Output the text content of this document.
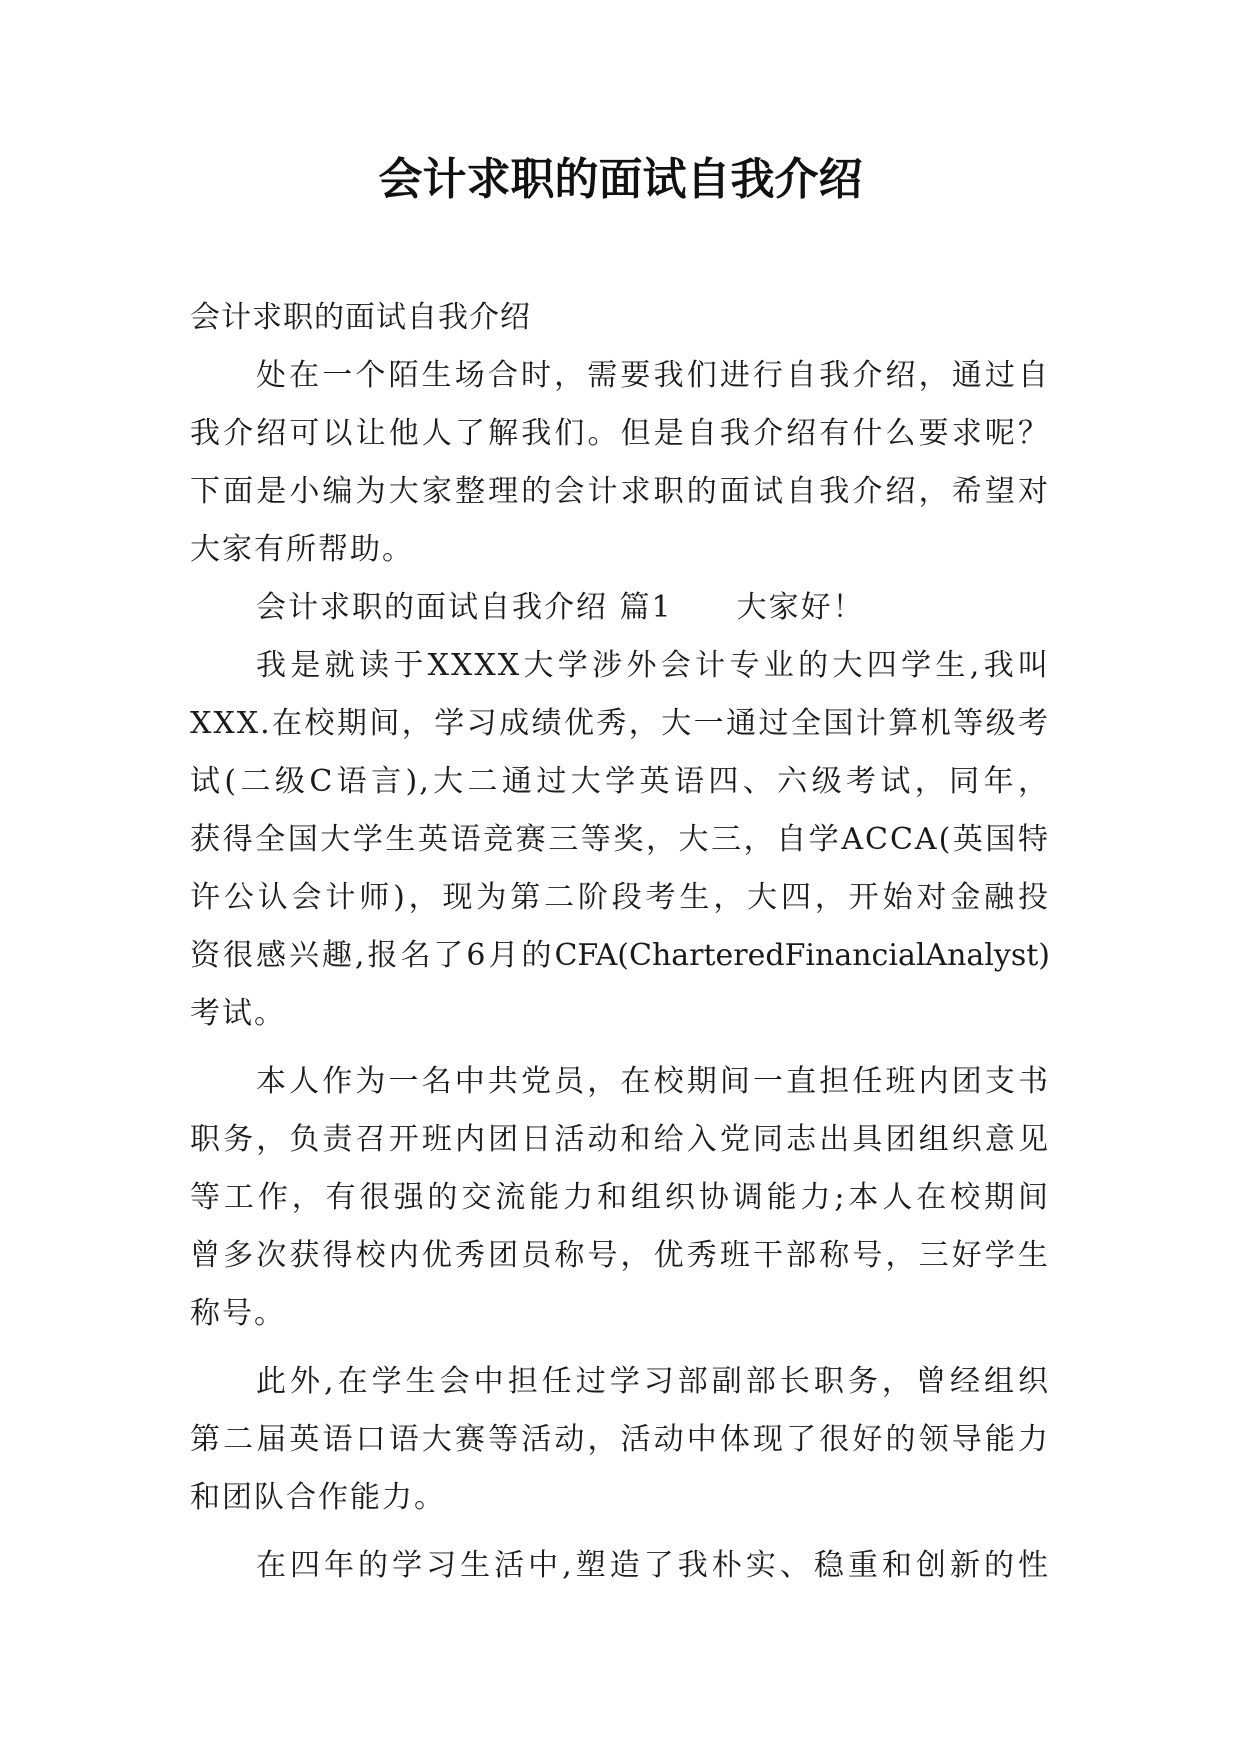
会计求职的面试自我介绍
会计求职的面试自我介绍
处在一个陌生场合时，需要我们进行自我介绍，通过自
我介绍可以让他人了解我们。但是自我介绍有什么要求呢？
下面是小编为大家整理的会计求职的面试自我介绍，希望对
大家有所帮助。
会计求职的面试自我介绍 篇1　　大家好！
我是就读于XXXX大学涉外会计专业的大四学生,我叫
XXX.在校期间，学习成绩优秀，大一通过全国计算机等级考
试(二级C语言),大二通过大学英语四、六级考试，同年，
获得全国大学生英语竞赛三等奖，大三，自学ACCA(英国特
许公认会计师)，现为第二阶段考生，大四，开始对金融投
资很感兴趣,报名了6月的CFA(CharteredFinancialAnalyst)
考试。
本人作为一名中共党员，在校期间一直担任班内团支书
职务，负责召开班内团日活动和给入党同志出具团组织意见
等工作，有很强的交流能力和组织协调能力;本人在校期间
曾多次获得校内优秀团员称号，优秀班干部称号，三好学生
称号。
此外,在学生会中担任过学习部副部长职务，曾经组织
第二届英语口语大赛等活动，活动中体现了很好的领导能力
和团队合作能力。
在四年的学习生活中,塑造了我朴实、稳重和创新的性
